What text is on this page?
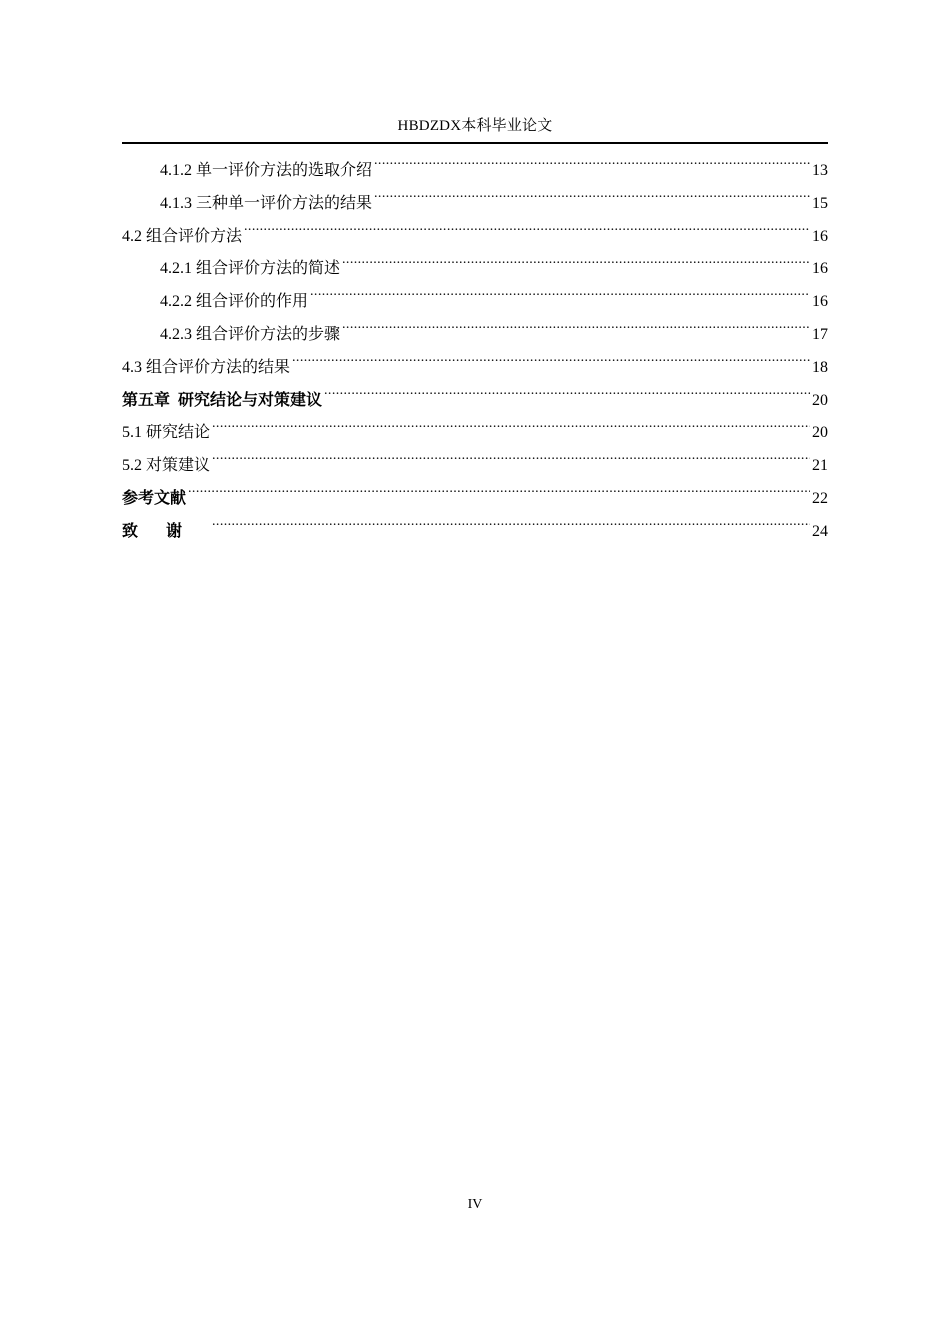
HBDZDX本科毕业论文
4.1.2 单一评价方法的选取介绍 .....	13
4.1.3 三种单一评价方法的结果 .....	15
4.2 组合评价方法 .....	16
4.2.1 组合评价方法的简述 .....	16
4.2.2 组合评价的作用 .....	16
4.2.3 组合评价方法的步骤 .....	17
4.3 组合评价方法的结果 .....	18
第五章  研究结论与对策建议 .....	20
5.1 研究结论 .....	20
5.2 对策建议 .....	21
参考文献 .....	22
致谢 .....	24
IV
